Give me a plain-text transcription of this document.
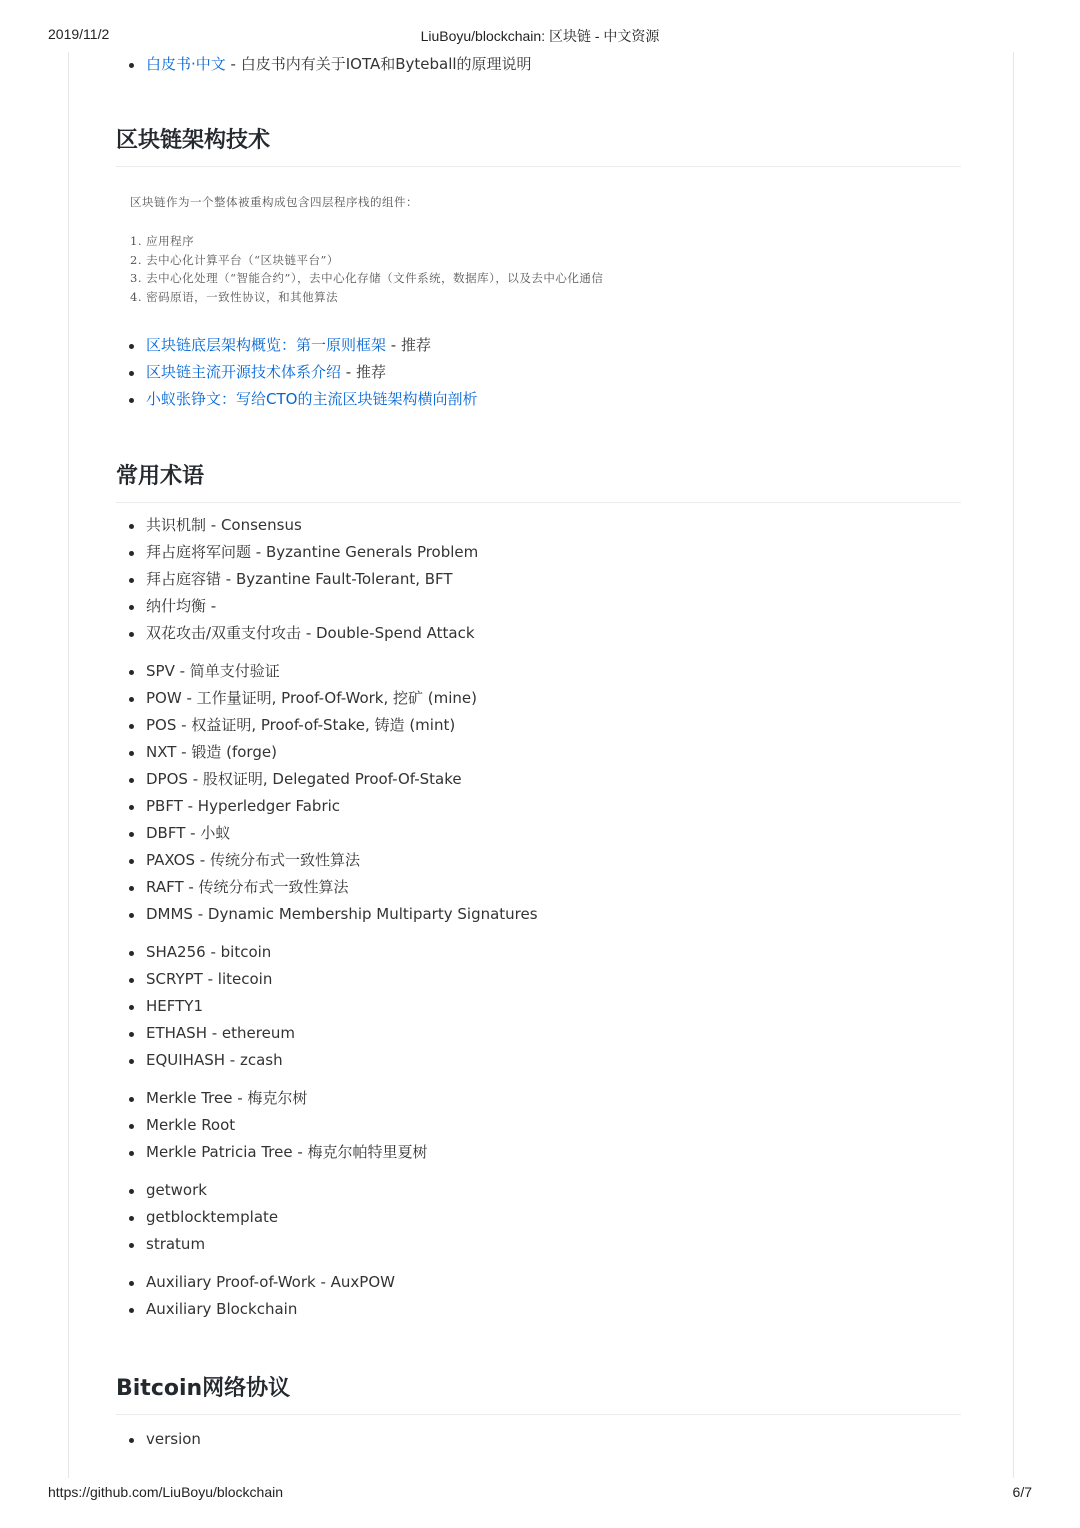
2019/11/2	LiuBoyu/blockchain: 区块链 - 中文资源
白皮书·中文 - 白皮书内有关于IOTA和Byteball的原理说明
区块链架构技术
区块链作为一个整体被重构成包含四层程序栈的组件：
1. 应用程序
2. 去中心化计算平台（“区块链平台”）
3. 去中心化处理（“智能合约”），去中心化存储（文件系统，数据库），以及去中心化通信
4. 密码原语，一致性协议，和其他算法
区块链底层架构概览：第一原则框架 - 推荐
区块链主流开源技术体系介绍 - 推荐
小蚁张铮文：写给CTO的主流区块链架构横向剖析
常用术语
共识机制 - Consensus
拜占庭将军问题 - Byzantine Generals Problem
拜占庭容错 - Byzantine Fault-Tolerant, BFT
纳什均衡 -
双花攻击/双重支付攻击 - Double-Spend Attack
SPV - 简单支付验证
POW - 工作量证明, Proof-Of-Work, 挖矿 (mine)
POS - 权益证明, Proof-of-Stake, 铸造 (mint)
NXT - 锻造 (forge)
DPOS - 股权证明, Delegated Proof-Of-Stake
PBFT - Hyperledger Fabric
DBFT - 小蚁
PAXOS - 传统分布式一致性算法
RAFT - 传统分布式一致性算法
DMMS - Dynamic Membership Multiparty Signatures
SHA256 - bitcoin
SCRYPT - litecoin
HEFTY1
ETHASH - ethereum
EQUIHASH - zcash
Merkle Tree - 梅克尔树
Merkle Root
Merkle Patricia Tree - 梅克尔帕特里夏树
getwork
getblocktemplate
stratum
Auxiliary Proof-of-Work - AuxPOW
Auxiliary Blockchain
Bitcoin网络协议
version
https://github.com/LiuBoyu/blockchain	6/7
